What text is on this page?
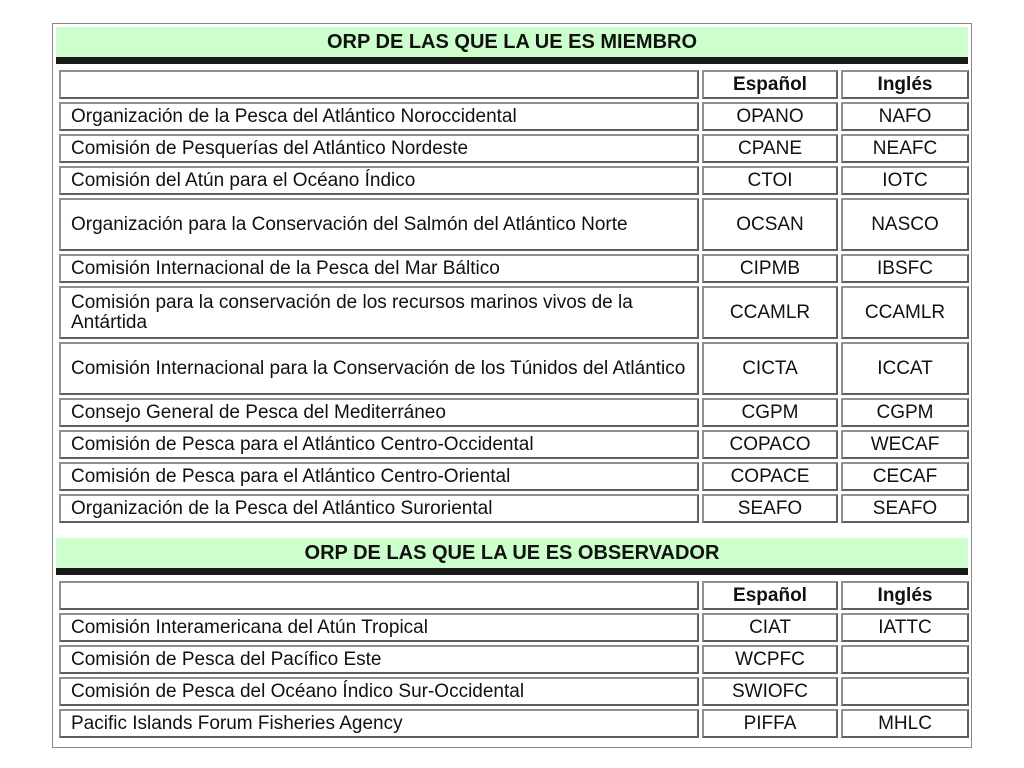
ORP DE LAS QUE LA UE ES MIEMBRO
	Español	Inglés
Organización de la Pesca del Atlántico Noroccidental	OPANO	NAFO
Comisión de Pesquerías del Atlántico Nordeste	CPANE	NEAFC
Comisión del Atún para el Océano Índico	CTOI	IOTC
Organización para la Conservación del Salmón del Atlántico Norte	OCSAN	NASCO
Comisión Internacional de la Pesca del Mar Báltico	CIPMB	IBSFC
Comisión para la conservación de los recursos marinos vivos de la Antártida	CCAMLR	CCAMLR
Comisión Internacional para la Conservación de los Túnidos del Atlántico	CICTA	ICCAT
Consejo General de Pesca del Mediterráneo	CGPM	CGPM
Comisión de Pesca para el Atlántico Centro-Occidental	COPACO	WECAF
Comisión de Pesca para el Atlántico Centro-Oriental	COPACE	CECAF
Organización de la Pesca del Atlántico Suroriental	SEAFO	SEAFO
ORP DE LAS QUE LA UE ES OBSERVADOR
	Español	Inglés
Comisión Interamericana del Atún Tropical	CIAT	IATTC
Comisión de Pesca del Pacífico Este	WCPFC	
Comisión de Pesca del Océano Índico Sur-Occidental	SWIOFC	
Pacific Islands Forum Fisheries Agency	PIFFA	MHLC
